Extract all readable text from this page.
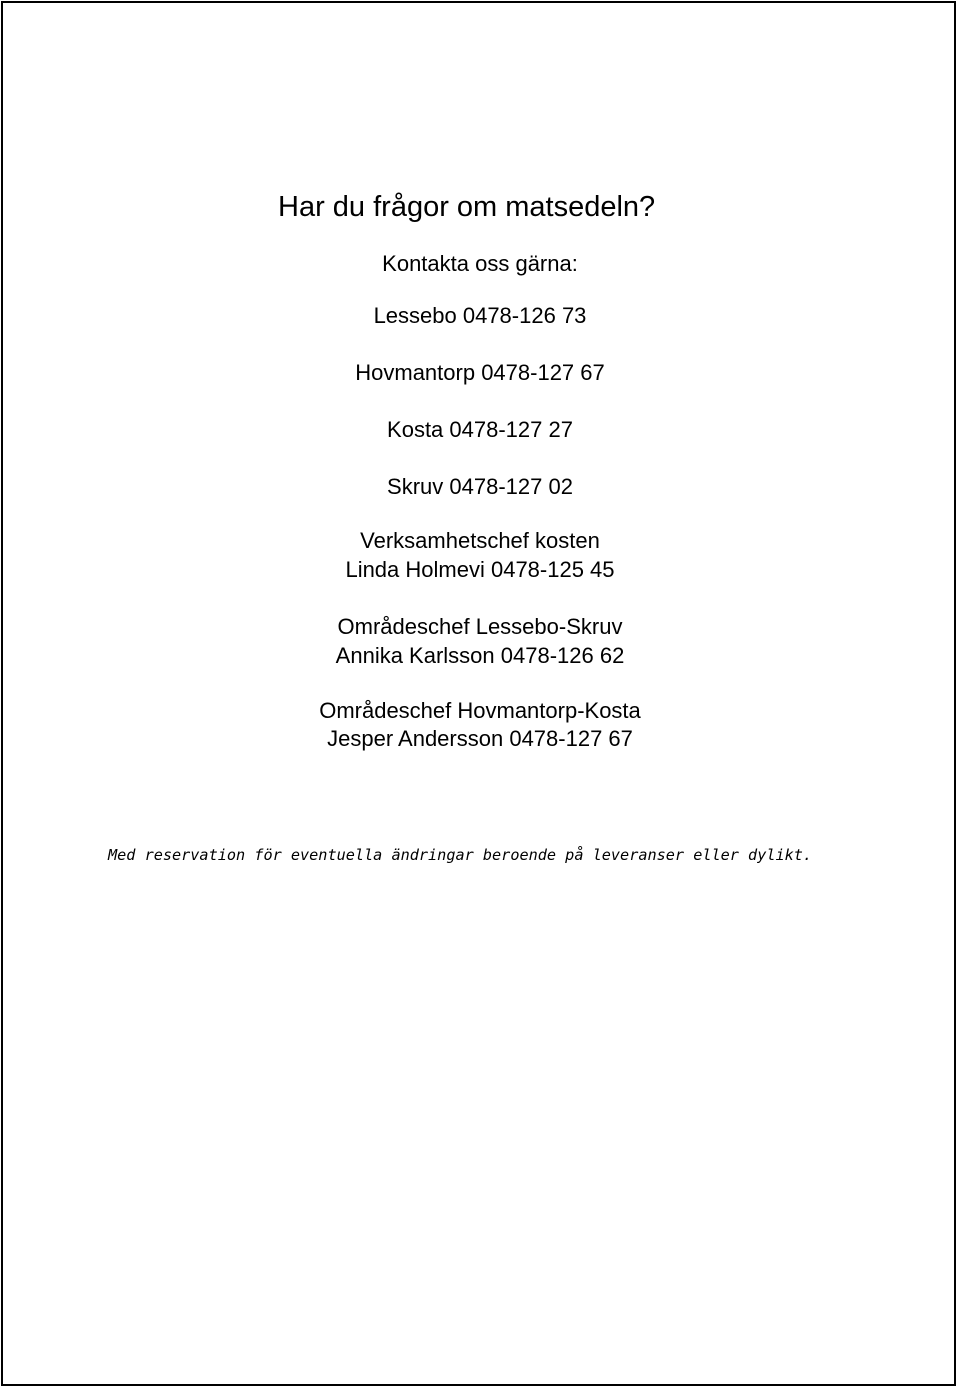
Har du frågor om matsedeln?
Kontakta oss gärna:
Lessebo 0478-126 73
Hovmantorp 0478-127 67
Kosta 0478-127 27
Skruv 0478-127 02
Verksamhetschef kosten
Linda Holmevi 0478-125 45
Områdeschef Lessebo-Skruv
Annika Karlsson 0478-126 62
Områdeschef Hovmantorp-Kosta
Jesper Andersson 0478-127 67
Med reservation för eventuella ändringar beroende på leveranser eller dylikt.
